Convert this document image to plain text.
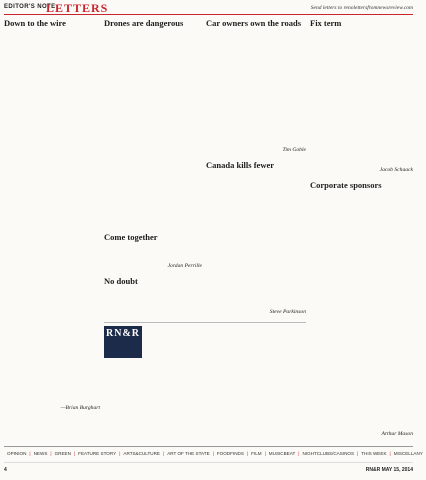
EDITOR'S NOTE
LETTERS	Send letters to renolettersfromnewsreview.com
Down to the wire

—Brian Burghart

Drones are dangerous

Jordan Perrille

No doubt

Car owners own the roads

Tim Goble

Canada kills fewer

Fix term

Jacob Schaack

Corporate sponsors

Arthur Mason

Come together

Steve Parkinson

RN&R
OPINION | NEWS | GREEN | FEATURE STORY | ARTS&CULTURE | ART OF THE STATE | FOODFINDS | FILM | MUSICBEAT | NIGHTCLUBS/CASINOS | THIS WEEK | MISCELLANY
4	RN&R MAY 15, 2014
